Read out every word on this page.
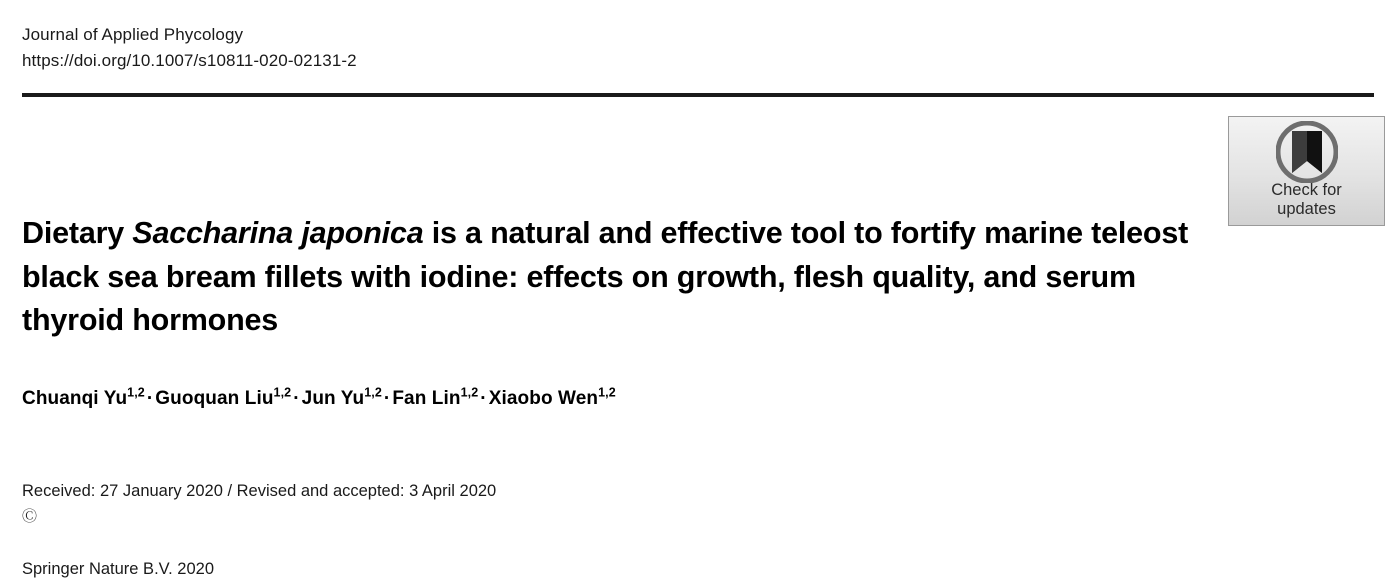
Journal of Applied Phycology
https://doi.org/10.1007/s10811-020-02131-2
Dietary Saccharina japonica is a natural and effective tool to fortify marine teleost black sea bream fillets with iodine: effects on growth, flesh quality, and serum thyroid hormones
Chuanqi Yu$^{1,2}$ · Guoquan Liu$^{1,2}$ · Jun Yu$^{1,2}$ · Fan Lin$^{1,2}$ · Xiaobo Wen$^{1,2}$
Received: 27 January 2020 / Revised and accepted: 3 April 2020
Ⓒ

Springer Nature B.V. 2020
Check for
updates
